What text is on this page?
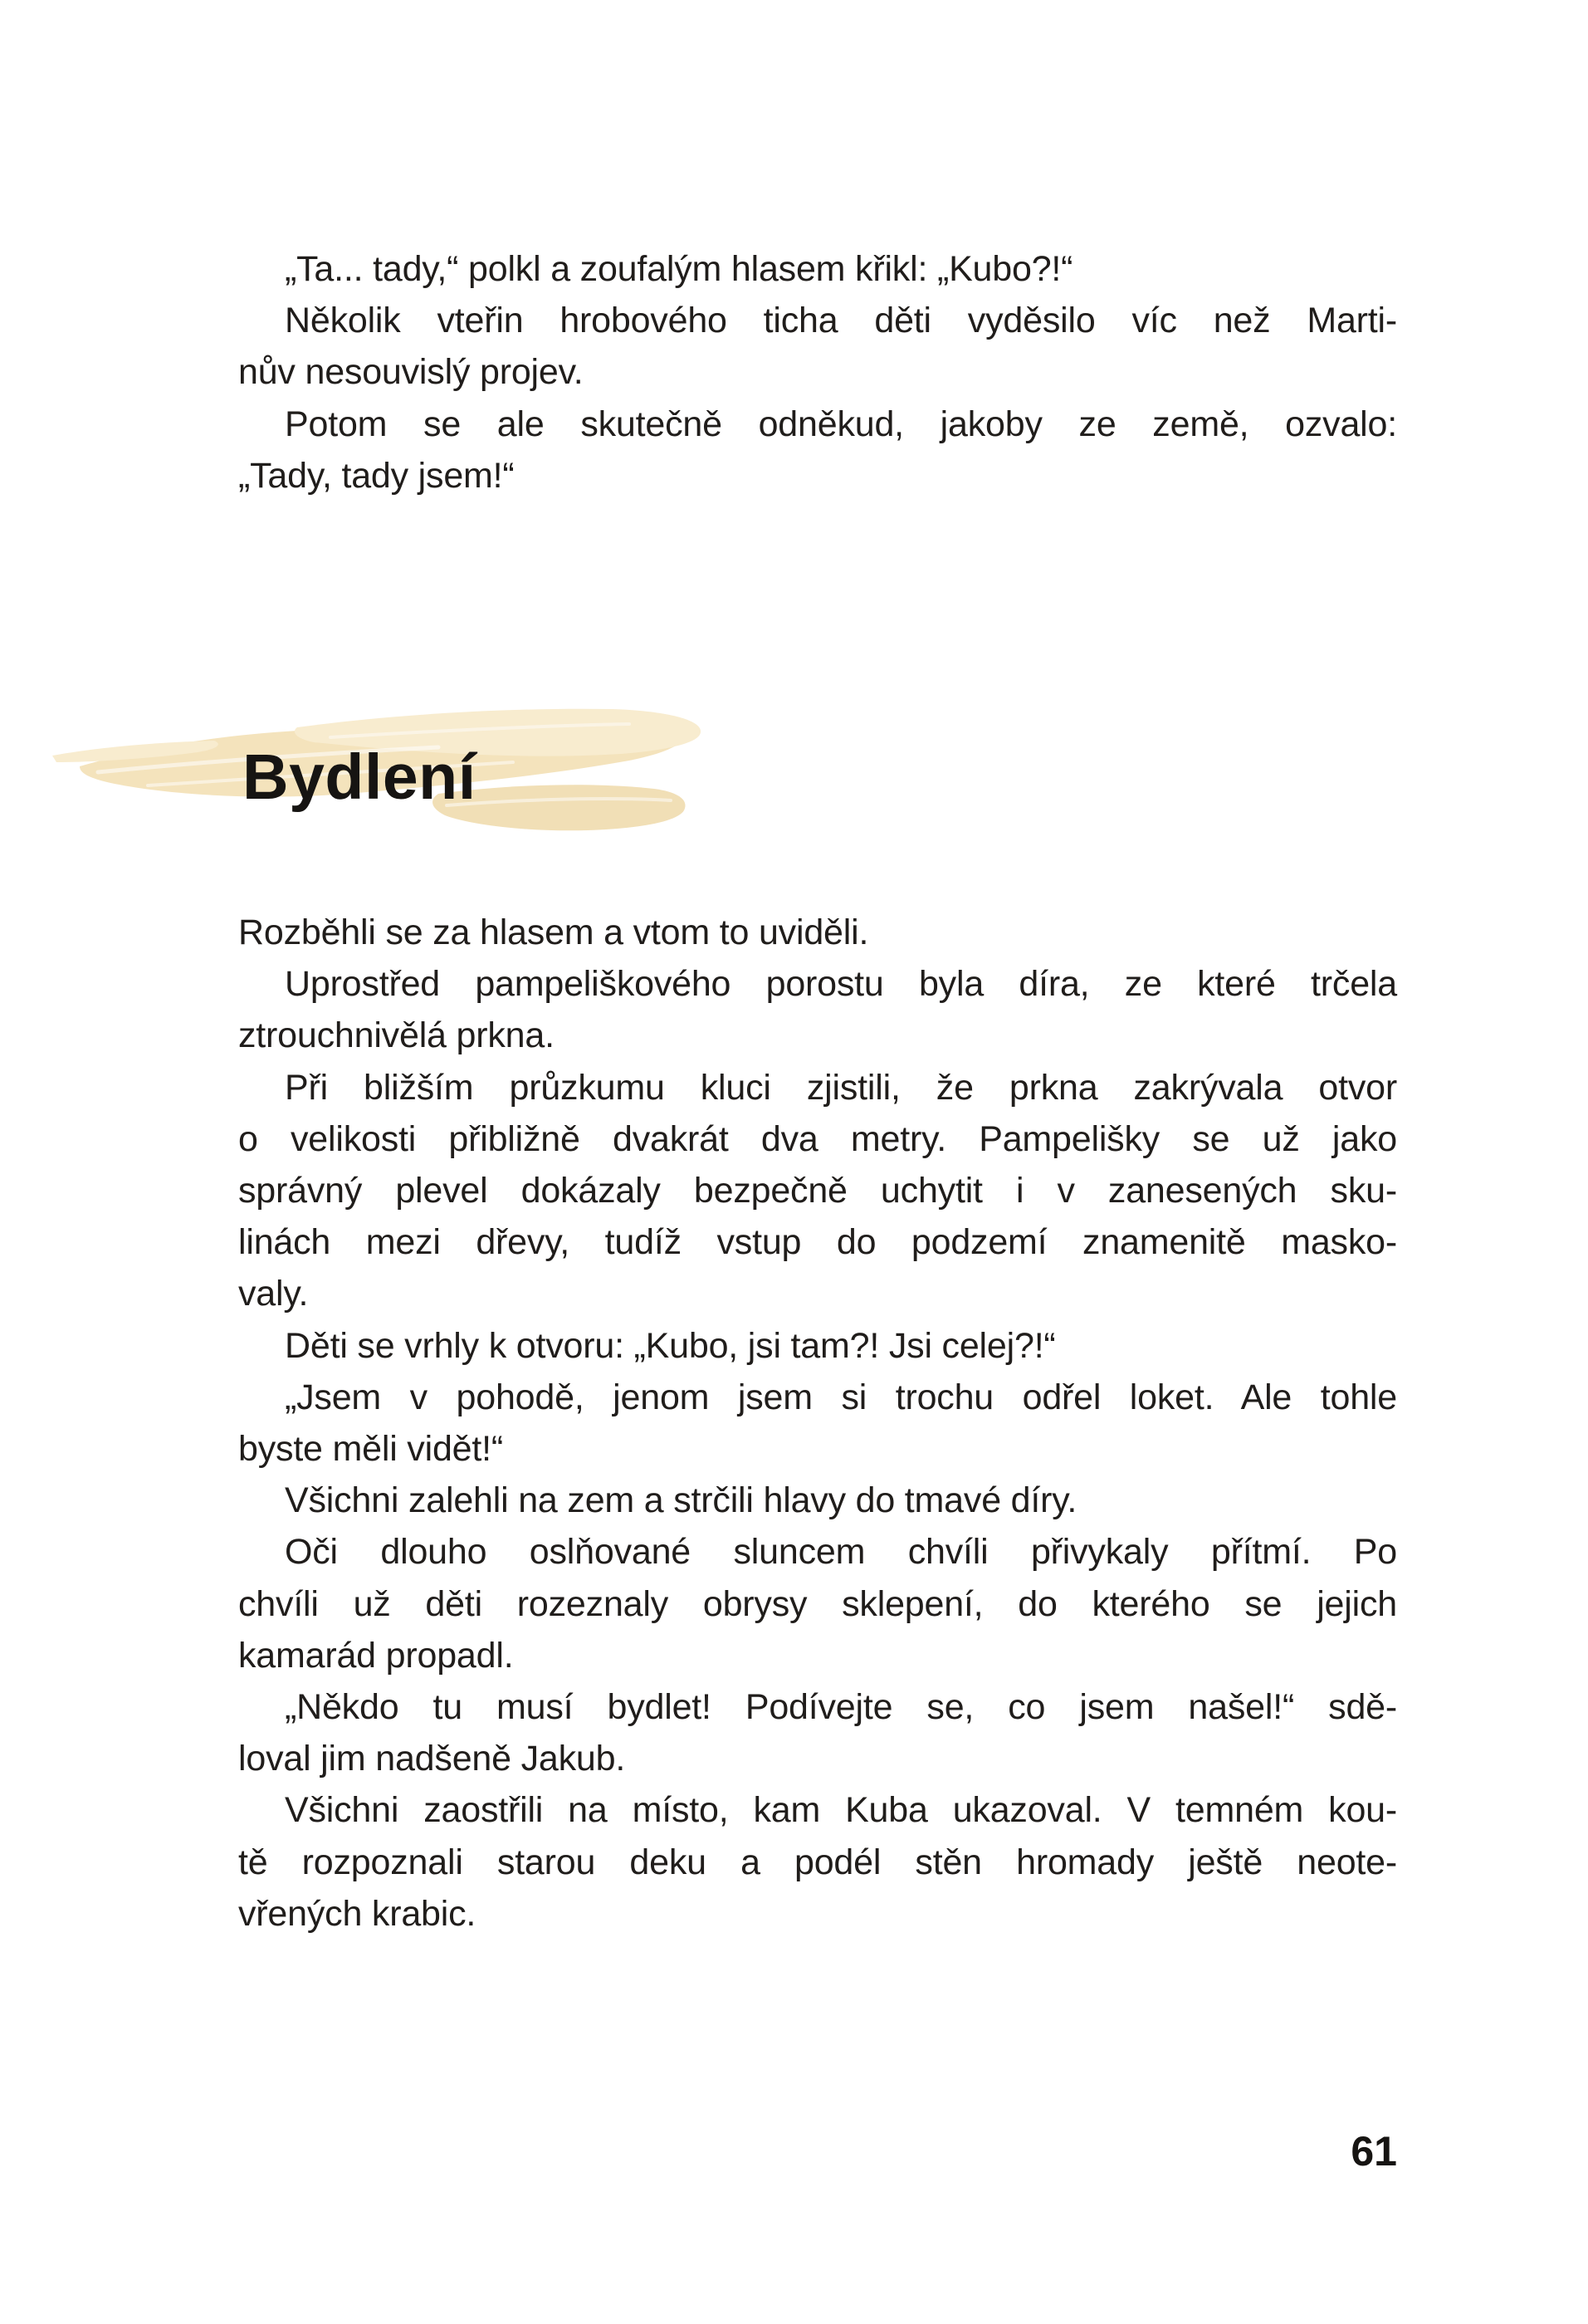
„Ta... tady,“ polkl a zoufalým hlasem křikl: „Kubo?!“
Několik vteřin hrobového ticha děti vyděsilo víc než Marti-
nův nesouvislý projev.
Potom se ale skutečně odněkud, jakoby ze země, ozvalo:
„Tady, tady jsem!“
Bydlení
Rozběhli se za hlasem a vtom to uviděli.
Uprostřed pampeliškového porostu byla díra, ze které trčela
ztrouchnivělá prkna.
Při bližším průzkumu kluci zjistili, že prkna zakrývala otvor
o velikosti přibližně dvakrát dva metry. Pampelišky se už jako
správný plevel dokázaly bezpečně uchytit i v zanesených sku-
linách mezi dřevy, tudíž vstup do podzemí znamenitě masko-
valy.
Děti se vrhly k otvoru: „Kubo, jsi tam?! Jsi celej?!“
„Jsem v pohodě, jenom jsem si trochu odřel loket. Ale tohle
byste měli vidět!“
Všichni zalehli na zem a strčili hlavy do tmavé díry.
Oči dlouho oslňované sluncem chvíli přivykaly přítmí. Po
chvíli už děti rozeznaly obrysy sklepení, do kterého se jejich
kamarád propadl.
„Někdo tu musí bydlet! Podívejte se, co jsem našel!“ sdě-
loval jim nadšeně Jakub.
Všichni zaostřili na místo, kam Kuba ukazoval. V temném kou-
tě rozpoznali starou deku a podél stěn hromady ještě neote-
vřených krabic.
61
